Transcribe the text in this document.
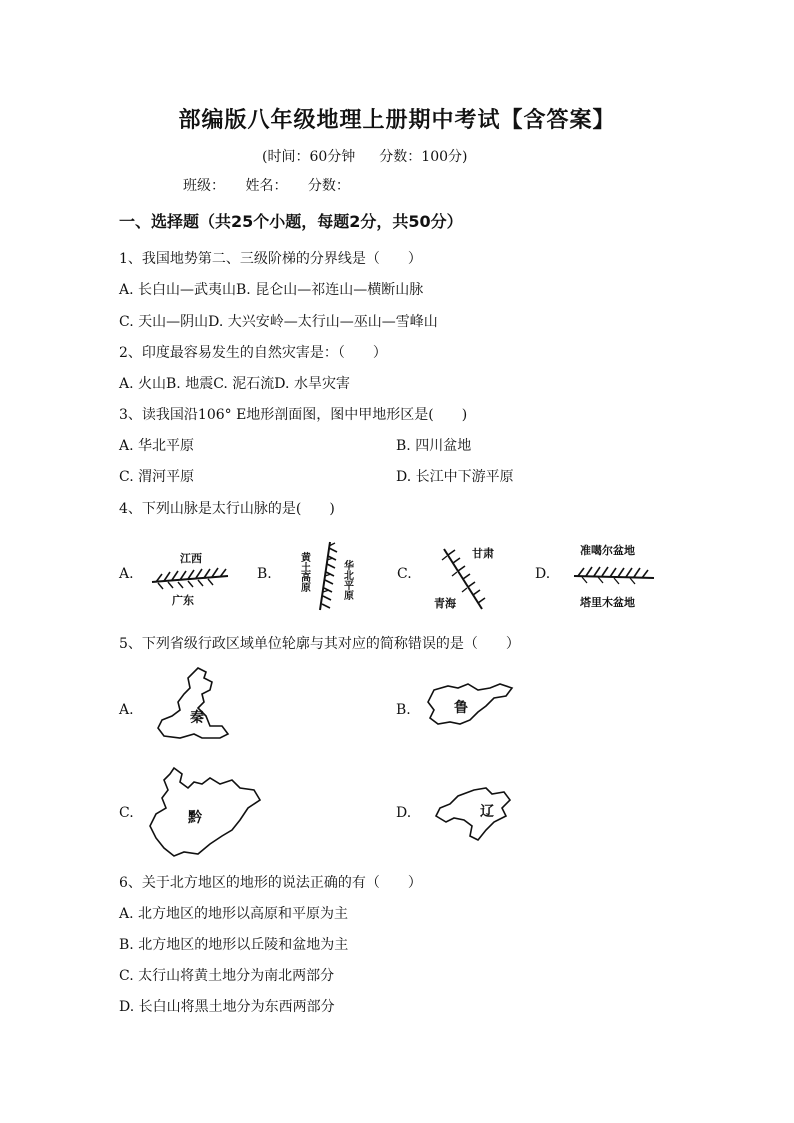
部编版八年级地理上册期中考试【含答案】
(时间：60分钟 分数：100分)
班级： 姓名： 分数：
一、选择题（共25个小题，每题2分，共50分）
1、我国地势第二、三级阶梯的分界线是（　　）
A. 长白山—武夷山B. 昆仑山—祁连山—横断山脉
C. 天山—阴山D. 大兴安岭—太行山—巫山—雪峰山
2、印度最容易发生的自然灾害是：（　　）
A. 火山B. 地震C. 泥石流D. 水旱灾害
3、读我国沿106° E地形剖面图，图中甲地形区是(　　)
A. 华北平原	B. 四川盆地
C. 渭河平原	D. 长江中下游平原
4、下列山脉是太行山脉的是(　　)
A.	B.	C.	D.
江西
广东
黄土高原	华北平原
甘肃
青海
准噶尔盆地
塔里木盆地
5、下列省级行政区域单位轮廓与其对应的简称错误的是（　　）
A.	B.
C.	D.
秦
鲁
黔	辽
6、关于北方地区的地形的说法正确的有（　　）
A. 北方地区的地形以高原和平原为主
B. 北方地区的地形以丘陵和盆地为主
C. 太行山将黄土地分为南北两部分
D. 长白山将黑土地分为东西两部分
